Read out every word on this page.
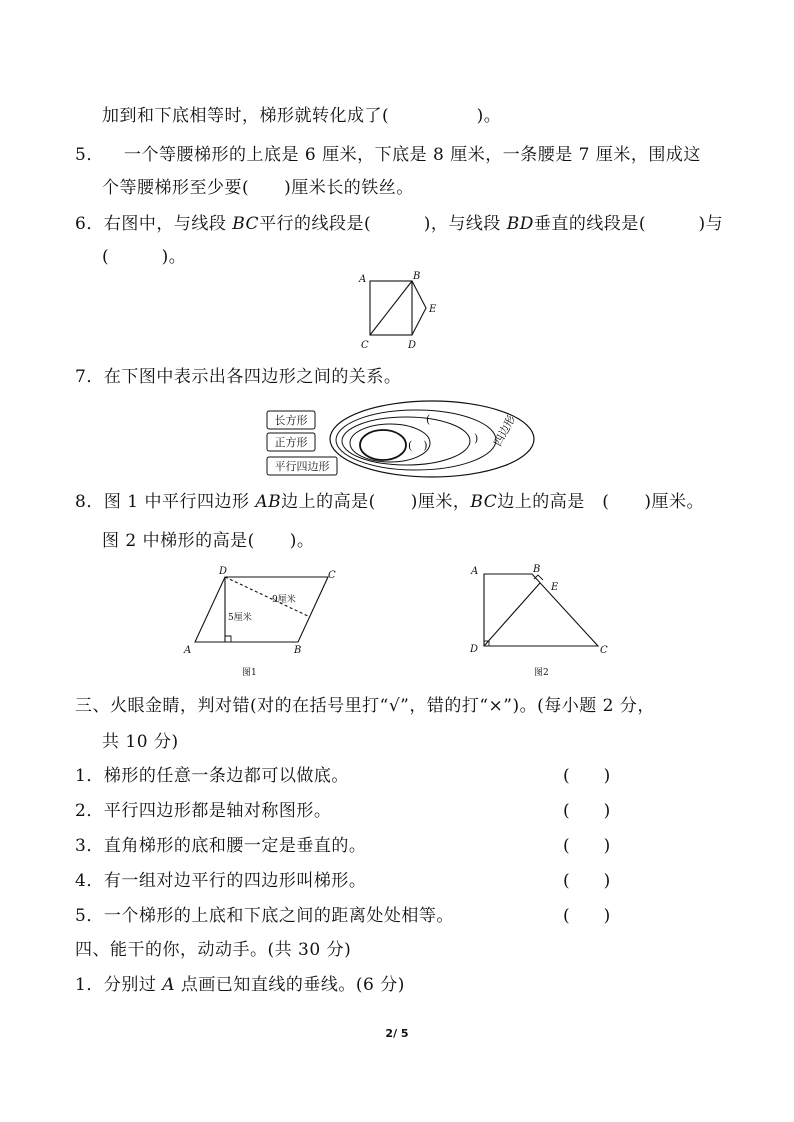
加到和下底相等时，梯形就转化成了(　　　　　)。
5． 一个等腰梯形的上底是 6 厘米，下底是 8 厘米，一条腰是 7 厘米，围成这
个等腰梯形至少要(　　)厘米长的铁丝。
6．右图中，与线段 BC平行的线段是(　　　)，与线段 BD垂直的线段是(　　　)与
(　　　)。
A	B
E
C	D
7．在下图中表示出各四边形之间的关系。
长方形
正方形
平行四边形
(
(　)
) 四边形
8．图 1 中平行四边形 AB边上的高是(　　)厘米，BC边上的高是　(　　)厘米。
图 2 中梯形的高是(　　)。
A	B
C
D
9厘米
5厘米
图1
A	B
E
D	C
图2
三、火眼金睛，判对错(对的在括号里打“√”，错的打“×”)。(每小题 2 分，
共 10 分)
1．梯形的任意一条边都可以做底。	(　　)
2．平行四边形都是轴对称图形。	(　　)
3．直角梯形的底和腰一定是垂直的。	(　　)
4．有一组对边平行的四边形叫梯形。	(　　)
5．一个梯形的上底和下底之间的距离处处相等。	(　　)
四、能干的你，动动手。(共 30 分)
1．分别过 A 点画已知直线的垂线。(6 分)
2/ 5
